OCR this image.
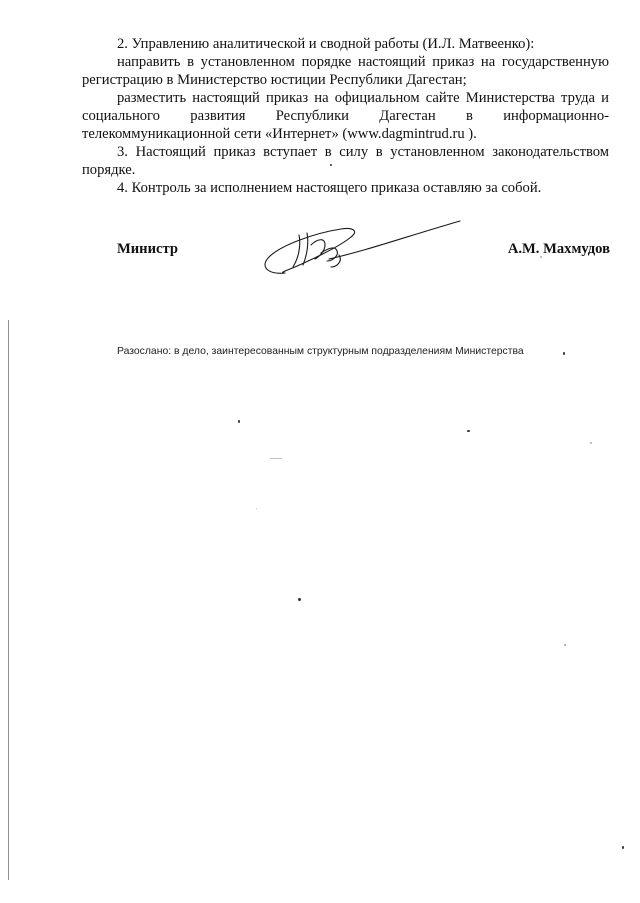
2. Управлению аналитической и сводной работы (И.Л. Матвеенко):
направить в установленном порядке настоящий приказ на государственную
регистрацию в Министерство юстиции Республики Дагестан;
разместить настоящий приказ на официальном сайте Министерства труда и
социального развития Республики Дагестан в информационно-
телекоммуникационной сети «Интернет» (www.dagmintrud.ru ).
3. Настоящий приказ вступает в силу в установленном законодательством
порядке.
4. Контроль за исполнением настоящего приказа оставляю за собой.
Министр	А.М. Махмудов
Разослано: в дело, заинтересованным структурным подразделениям Министерства
